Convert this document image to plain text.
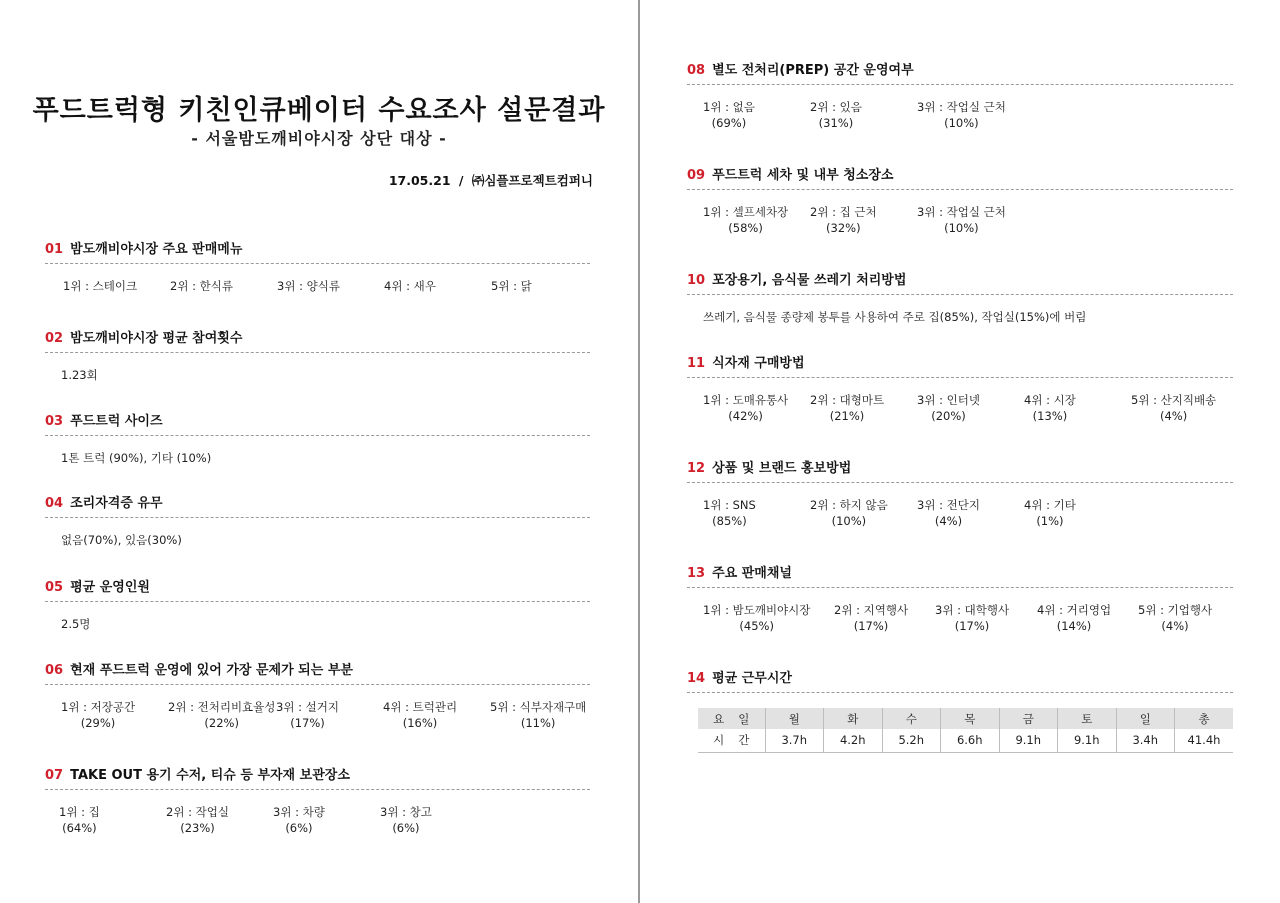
푸드트럭형 키친인큐베이터 수요조사 설문결과
- 서울밤도깨비야시장 상단 대상 -
17.05.21 / ㈜심플프로젝트컴퍼니
01 밤도깨비야시장 주요 판매메뉴
1위 : 스테이크	2위 : 한식류	3위 : 양식류	4위 : 새우	5위 : 닭
02 밤도깨비야시장 평균 참여횟수
1.23회
03 푸드트럭 사이즈
1톤 트럭 (90%), 기타 (10%)
04 조리자격증 유무
없음(70%), 있음(30%)
05 평균 운영인원
2.5명
06 현재 푸드트럭 운영에 있어 가장 문제가 되는 부분
1위 : 저장공간
(29%)
2위 : 전처리비효율성
(22%)
3위 : 설거지
(17%)
4위 : 트럭관리
(16%)
5위 : 식부자재구매
(11%)
07 TAKE OUT 용기 수저, 티슈 등 부자재 보관장소
1위 : 집
(64%)
2위 : 작업실
(23%)
3위 : 차량
(6%)
3위 : 창고
(6%)
08 별도 전처리(PREP) 공간 운영여부
1위 : 없음
(69%)
2위 : 있음
(31%)
3위 : 작업실 근처
(10%)
09 푸드트럭 세차 및 내부 청소장소
1위 : 셀프세차장
(58%)
2위 : 집 근처
(32%)
3위 : 작업실 근처
(10%)
10 포장용기, 음식물 쓰레기 처리방법
쓰레기, 음식물 종량제 봉투를 사용하여 주로 집(85%), 작업실(15%)에 버림
11 식자재 구매방법
1위 : 도매유통사
(42%)
2위 : 대형마트
(21%)
3위 : 인터넷
(20%)
4위 : 시장
(13%)
5위 : 산지직배송
(4%)
12 상품 및 브랜드 홍보방법
1위 : SNS
(85%)
2위 : 하지 않음
(10%)
3위 : 전단지
(4%)
4위 : 기타
(1%)
13 주요 판매채널
1위 : 밤도깨비야시장
(45%)
2위 : 지역행사
(17%)
3위 : 대학행사
(17%)
4위 : 거리영업
(14%)
5위 : 기업행사
(4%)
14 평균 근무시간
요일	월	화	수	목	금	토	일	총
시간	3.7h	4.2h	5.2h	6.6h	9.1h	9.1h	3.4h	41.4h
